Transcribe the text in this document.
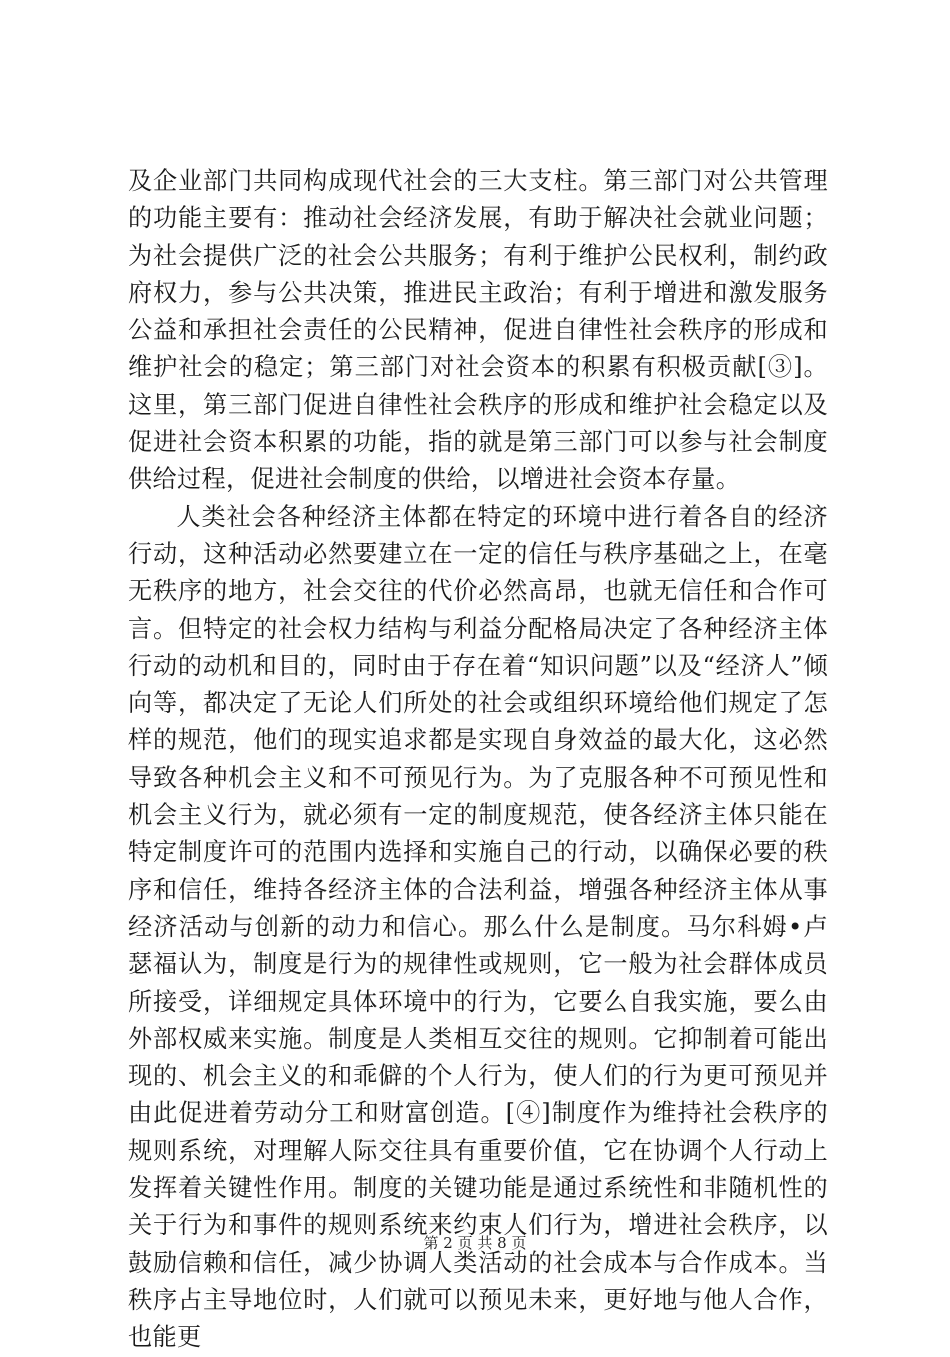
及企业部门共同构成现代社会的三大支柱。第三部门对公共管理的功能主要有：推动社会经济发展，有助于解决社会就业问题；为社会提供广泛的社会公共服务；有利于维护公民权利，制约政府权力，参与公共决策，推进民主政治；有利于增进和激发服务公益和承担社会责任的公民精神，促进自律性社会秩序的形成和维护社会的稳定；第三部门对社会资本的积累有积极贡献[③]。这里，第三部门促进自律性社会秩序的形成和维护社会稳定以及促进社会资本积累的功能，指的就是第三部门可以参与社会制度供给过程，促进社会制度的供给，以增进社会资本存量。

人类社会各种经济主体都在特定的环境中进行着各自的经济行动，这种活动必然要建立在一定的信任与秩序基础之上，在毫无秩序的地方，社会交往的代价必然高昂，也就无信任和合作可言。但特定的社会权力结构与利益分配格局决定了各种经济主体行动的动机和目的，同时由于存在着“知识问题”以及“经济人”倾向等，都决定了无论人们所处的社会或组织环境给他们规定了怎样的规范，他们的现实追求都是实现自身效益的最大化，这必然导致各种机会主义和不可预见行为。为了克服各种不可预见性和机会主义行为，就必须有一定的制度规范，使各经济主体只能在特定制度许可的范围内选择和实施自己的行动，以确保必要的秩序和信任，维持各经济主体的合法利益，增强各种经济主体从事经济活动与创新的动力和信心。那么什么是制度。马尔科姆•卢瑟福认为，制度是行为的规律性或规则，它一般为社会群体成员所接受，详细规定具体环境中的行为，它要么自我实施，要么由外部权威来实施。制度是人类相互交往的规则。它抑制着可能出现的、机会主义的和乖僻的个人行为，使人们的行为更可预见并由此促进着劳动分工和财富创造。[④]制度作为维持社会秩序的规则系统，对理解人际交往具有重要价值，它在协调个人行动上发挥着关键性作用。制度的关键功能是通过系统性和非随机性的关于行为和事件的规则系统来约束人们行为，增进社会秩序，以鼓励信赖和信任，减少协调人类活动的社会成本与合作成本。当秩序占主导地位时，人们就可以预见未来，更好地与他人合作，也能更

第 2 页 共 8 页
